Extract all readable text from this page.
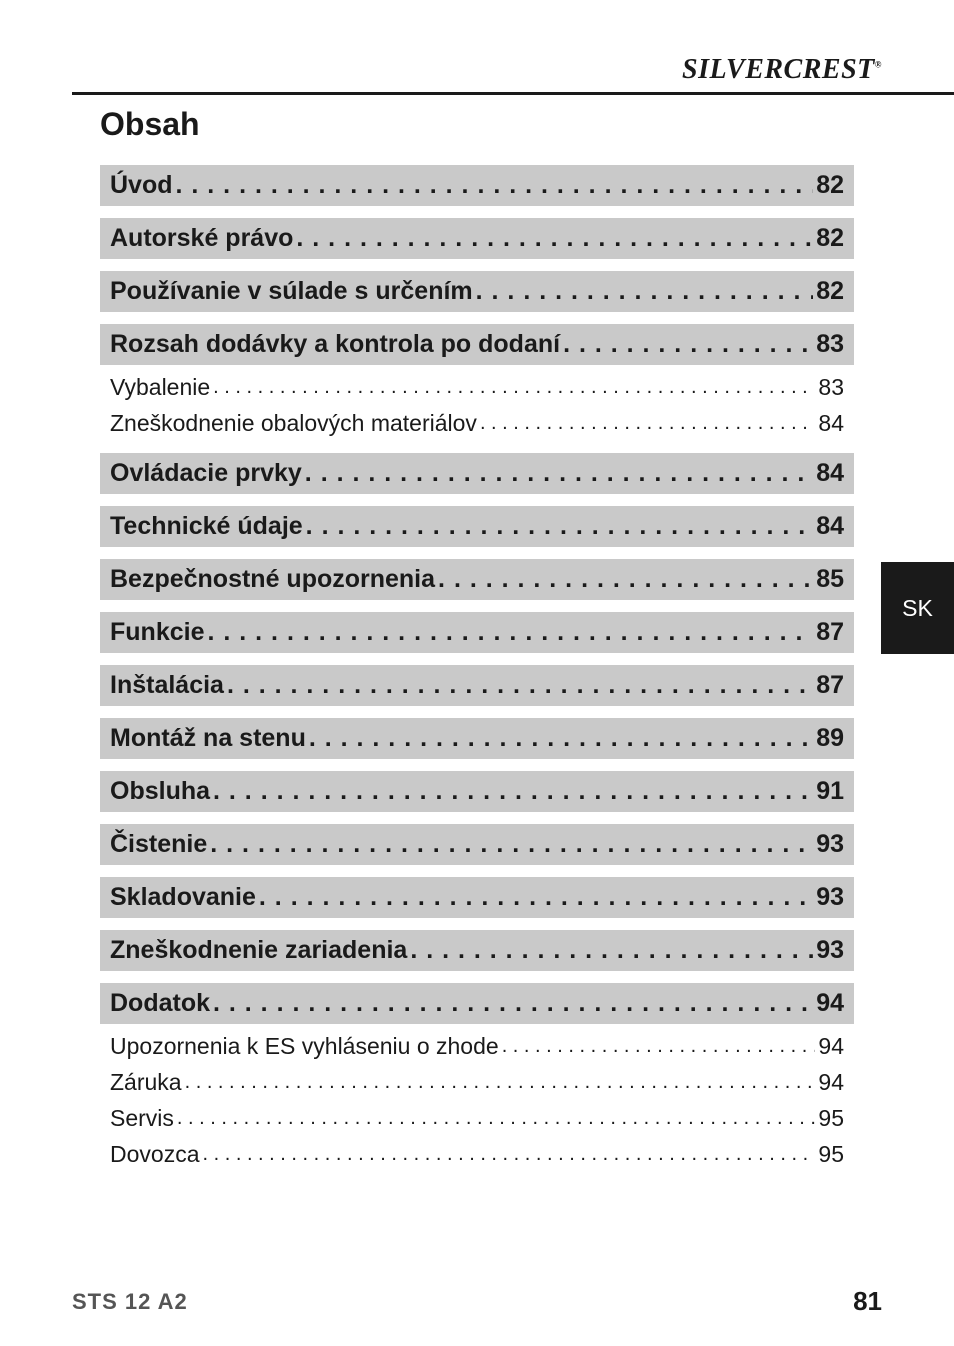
SILVERCREST®
Obsah
Úvod . . .	82
Autorské právo . . .	82
Používanie v súlade s určením . . .	82
Rozsah dodávky a kontrola po dodaní . . .	83
Vybalenie . . .	83
Zneškodnenie obalových materiálov . . .	84
Ovládacie prvky . . .	84
Technické údaje . . .	84
Bezpečnostné upozornenia . . .	85
Funkcie . . .	87
Inštalácia . . .	87
Montáž na stenu . . .	89
Obsluha . . .	91
Čistenie . . .	93
Skladovanie . . .	93
Zneškodnenie zariadenia . . .	93
Dodatok . . .	94
Upozornenia k ES vyhláseniu o zhode . . .	94
Záruka . . .	94
Servis . . .	95
Dovozca . . .	95
SK
STS 12 A2	81
